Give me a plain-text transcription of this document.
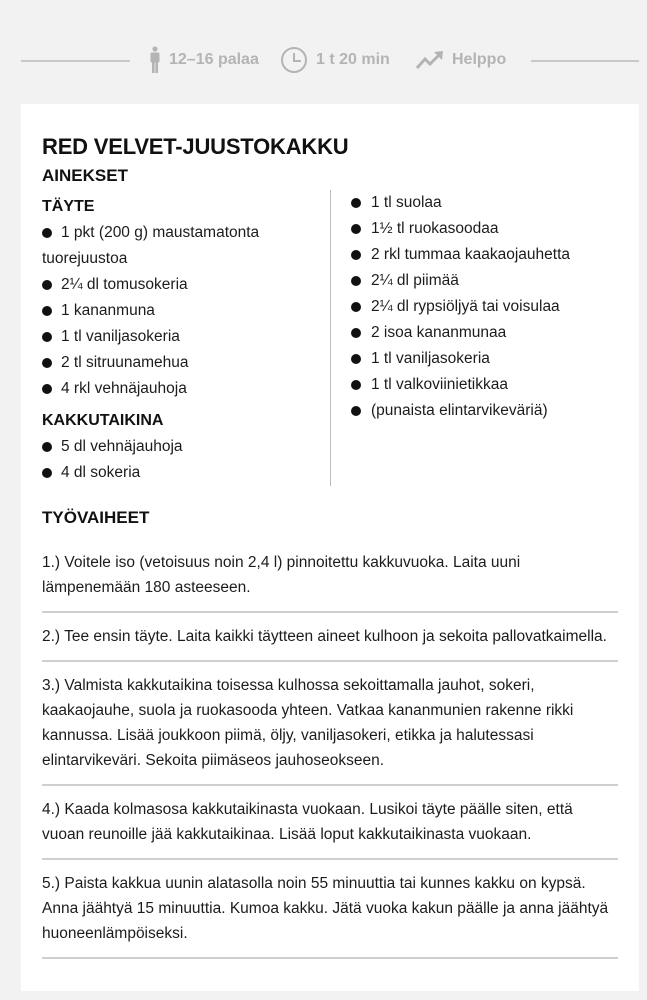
12–16 palaa	1 t 20 min	Helppo
RED VELVET-JUUSTOKAKKU
AINEKSET
TÄYTE
1 pkt (200 g) maustamatonta
tuorejuustoa
2¼ dl tomusokeria
1 kananmuna
1 tl vaniljasokeria
2 tl sitruunamehua
4 rkl vehnäjauhoja
KAKKUTAIKINA
5 dl vehnäjauhoja
4 dl sokeria
1 tl suolaa
1½ tl ruokasoodaa
2 rkl tummaa kaakaojauhetta
2¼ dl piimää
2¼ dl rypsiöljyä tai voisulaa
2 isoa kananmunaa
1 tl vaniljasokeria
1 tl valkoviinietikkaa
(punaista elintarvikeväriä)
TYÖVAIHEET

1.) Voitele iso (vetoisuus noin 2,4 l) pinnoitettu kakkuvuoka. Laita uuni lämpenemään 180 asteeseen.

2.) Tee ensin täyte. Laita kaikki täytteen aineet kulhoon ja sekoita pallovatkaimella.

3.) Valmista kakkutaikina toisessa kulhossa sekoittamalla jauhot, sokeri, kaakaojauhe, suola ja ruokasooda yhteen. Vatkaa kananmunien rakenne rikki kannussa. Lisää joukkoon piimä, öljy, vaniljasokeri, etikka ja halutessasi elintarvikeväri. Sekoita piimäseos jauhoseokseen.

4.) Kaada kolmasosa kakkutaikinasta vuokaan. Lusikoi täyte päälle siten, että vuoan reunoille jää kakkutaikinaa. Lisää loput kakkutaikinasta vuokaan.

5.) Paista kakkua uunin alatasolla noin 55 minuuttia tai kunnes kakku on kypsä. Anna jäähtyä 15 minuuttia. Kumoa kakku. Jätä vuoka kakun päälle ja anna jäähtyä huoneenlämpöiseksi.
